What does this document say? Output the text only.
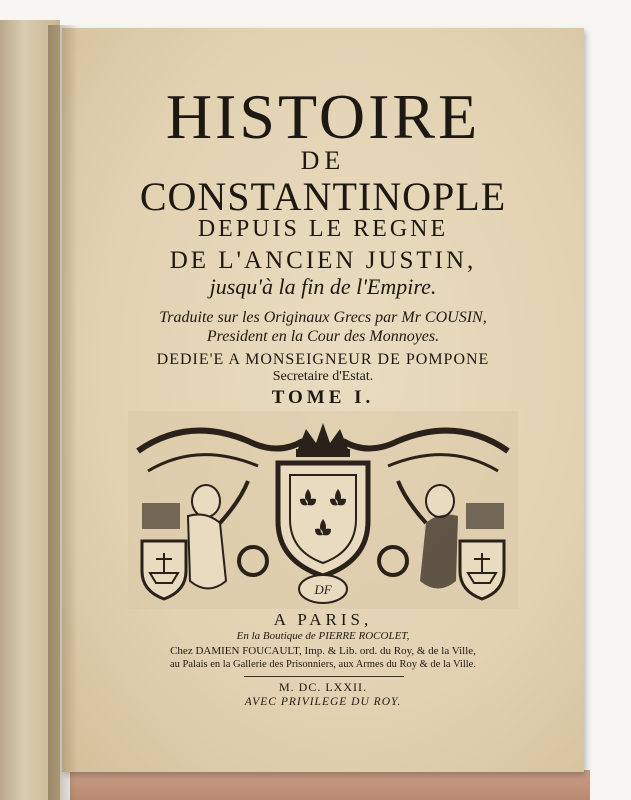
HISTOIRE
DE
CONSTANTINOPLE
DEPUIS LE REGNE
DE L'ANCIEN JUSTIN,
jusqu'à la fin de l'Empire.
Traduite sur les Originaux Grecs par Mr COUSIN,
President en la Cour des Monnoyes.
DEDIE'E A MONSEIGNEUR DE POMPONE
Secretaire d'Estat.
TOME I.
DF
A PARIS,
En la Boutique de PIERRE ROCOLET,
Chez DAMIEN FOUCAULT, Imp. & Lib. ord. du Roy, & de la Ville,
au Palais en la Gallerie des Prisonniers, aux Armes du Roy & de la Ville.
M. DC. LXXII.
AVEC PRIVILEGE DU ROY.
